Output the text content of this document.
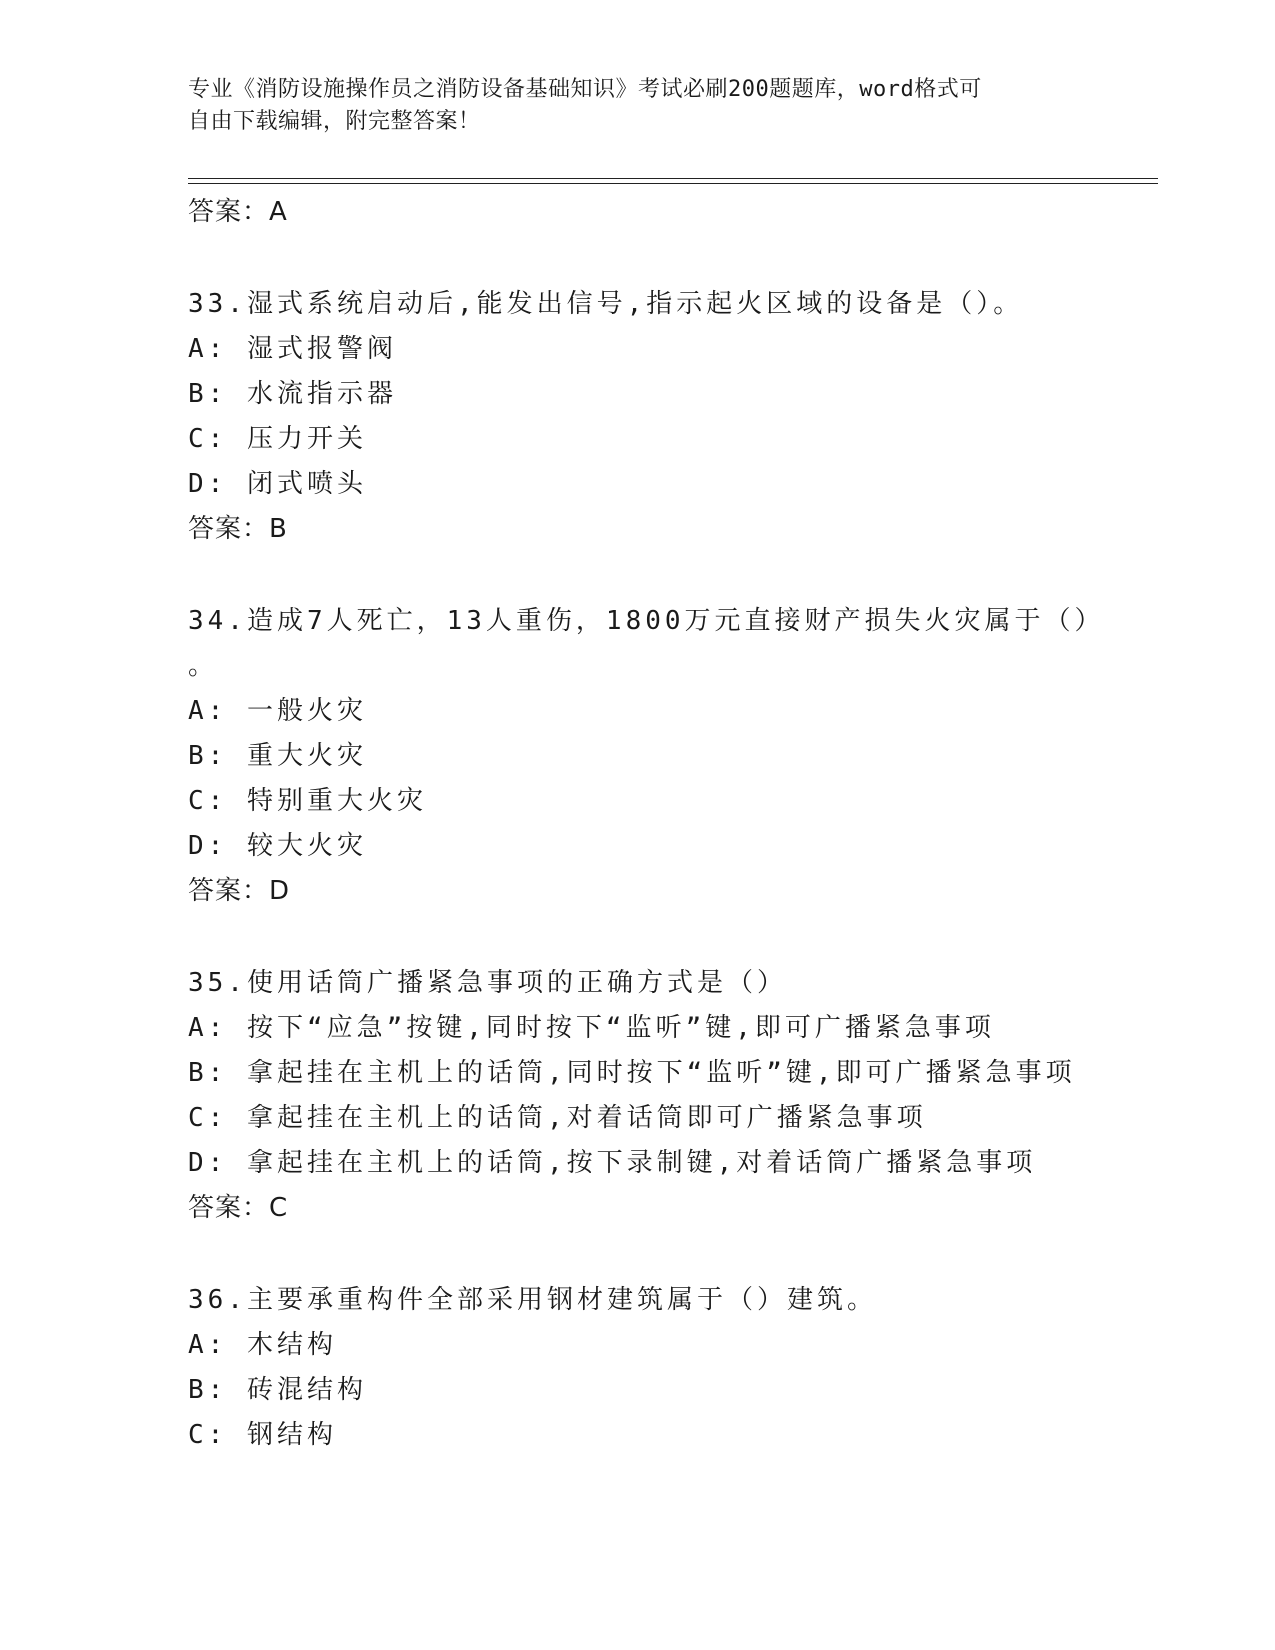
专业《消防设施操作员之消防设备基础知识》考试必刷200题题库，word格式可
自由下载编辑，附完整答案！
答案：A
33.湿式系统启动后,能发出信号,指示起火区域的设备是（）。
A: 湿式报警阀
B: 水流指示器
C: 压力开关
D: 闭式喷头
答案：B
34.造成7人死亡，13人重伤，1800万元直接财产损失火灾属于（）
。
A: 一般火灾
B: 重大火灾
C: 特别重大火灾
D: 较大火灾
答案：D
35.使用话筒广播紧急事项的正确方式是（）
A: 按下“应急”按键,同时按下“监听”键,即可广播紧急事项
B: 拿起挂在主机上的话筒,同时按下“监听”键,即可广播紧急事项
C: 拿起挂在主机上的话筒,对着话筒即可广播紧急事项
D: 拿起挂在主机上的话筒,按下录制键,对着话筒广播紧急事项
答案：C
36.主要承重构件全部采用钢材建筑属于（）建筑。
A: 木结构
B: 砖混结构
C: 钢结构
